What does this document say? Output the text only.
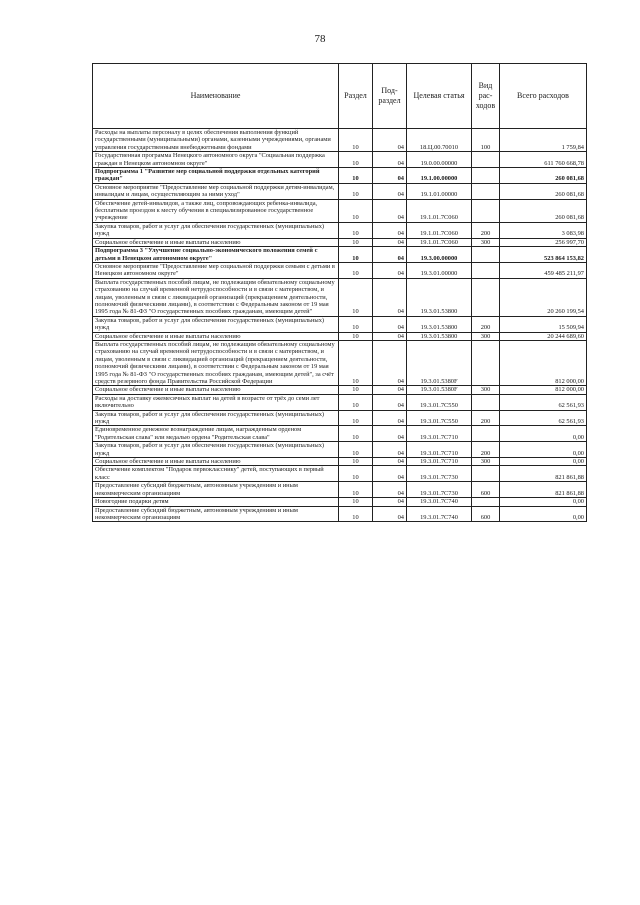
78
Наименование	Раздел	Под-раздел	Целевая статья	Вид рас-ходов	Всего расходов
Расходы на выплаты персоналу в целях обеспечения выполнения функций государственными (муниципальными) органами, казенными учреждениями, органами управления государственными внебюджетными фондами	10	04	18.Ц.00.70010	100	1 759,84
Государственная программа Ненецкого автономного округа "Социальная поддержка граждан в Ненецком автономном округе"	10	04	19.0.00.00000		611 760 668,78
Подпрограмма 1 "Развитие мер социальной поддержки отдельных категорий граждан"	10	04	19.1.00.00000		260 081,68
Основное мероприятие "Предоставление мер социальной поддержки детям-инвалидам, инвалидам и лицам, осуществляющим за ними уход"	10	04	19.1.01.00000		260 081,68
Обеспечение детей-инвалидов, а также лиц, сопровождающих ребенка-инвалида, бесплатным проездом к месту обучения в специализированное государственное учреждение	10	04	19.1.01.7С060		260 081,68
Закупка товаров, работ и услуг для обеспечения государственных (муниципальных) нужд	10	04	19.1.01.7С060	200	3 083,98
Социальное обеспечение и иные выплаты населению	10	04	19.1.01.7С060	300	256 997,70
Подпрограмма 3 "Улучшение социально-экономического положения семей с детьми в Ненецком автономном округе"	10	04	19.3.00.00000		523 864 153,82
Основное мероприятие "Предоставление мер социальной поддержки семьям с детьми в Ненецком автономном округе"	10	04	19.3.01.00000		459 485 211,97
Выплата государственных пособий лицам, не подлежащим обязательному социальному страхованию на случай временной нетрудоспособности и в связи с материнством, и лицам, уволенным в связи с ликвидацией организаций (прекращением деятельности, полномочий физическими лицами), в соответствии с Федеральным законом от 19 мая 1995 года № 81-ФЗ "О государственных пособиях гражданам, имеющим детей"	10	04	19.3.01.53800		20 260 199,54
Закупка товаров, работ и услуг для обеспечения государственных (муниципальных) нужд	10	04	19.3.01.53800	200	15 509,94
Социальное обеспечение и иные выплаты населению	10	04	19.3.01.53800	300	20 244 689,60
Выплата государственных пособий лицам, не подлежащим обязательному социальному страхованию на случай временной нетрудоспособности и в связи с материнством, и лицам, уволенным в связи с ликвидацией организаций (прекращением деятельности, полномочий физическими лицами), в соответствии с Федеральным законом от 19 мая 1995 года № 81-ФЗ "О государственных пособиях гражданам, имеющим детей", за счёт средств резервного фонда Правительства Российской Федерации	10	04	19.3.01.5380F		812 000,00
Социальное обеспечение и иные выплаты населению	10	04	19.3.01.5380F	300	812 000,00
Расходы на доставку ежемесячных выплат на детей в возрасте от трёх до семи лет включительно	10	04	19.3.01.7С550		62 561,93
Закупка товаров, работ и услуг для обеспечения государственных (муниципальных) нужд	10	04	19.3.01.7С550	200	62 561,93
Единовременное денежное вознаграждение лицам, награжденным орденом "Родительская слава" или медалью ордена "Родительская слава"	10	04	19.3.01.7С710		0,00
Закупка товаров, работ и услуг для обеспечения государственных (муниципальных) нужд	10	04	19.3.01.7С710	200	0,00
Социальное обеспечение и иные выплаты населению	10	04	19.3.01.7С710	300	0,00
Обеспечение комплектом "Подарок первокласснику" детей, поступающих в первый класс	10	04	19.3.01.7С730		821 861,88
Предоставление субсидий бюджетным, автономным учреждениям и иным некоммерческим организациям	10	04	19.3.01.7С730	600	821 861,88
Новогодние подарки детям	10	04	19.3.01.7С740		0,00
Предоставление субсидий бюджетным, автономным учреждениям и иным некоммерческим организациям	10	04	19.3.01.7С740	600	0,00
